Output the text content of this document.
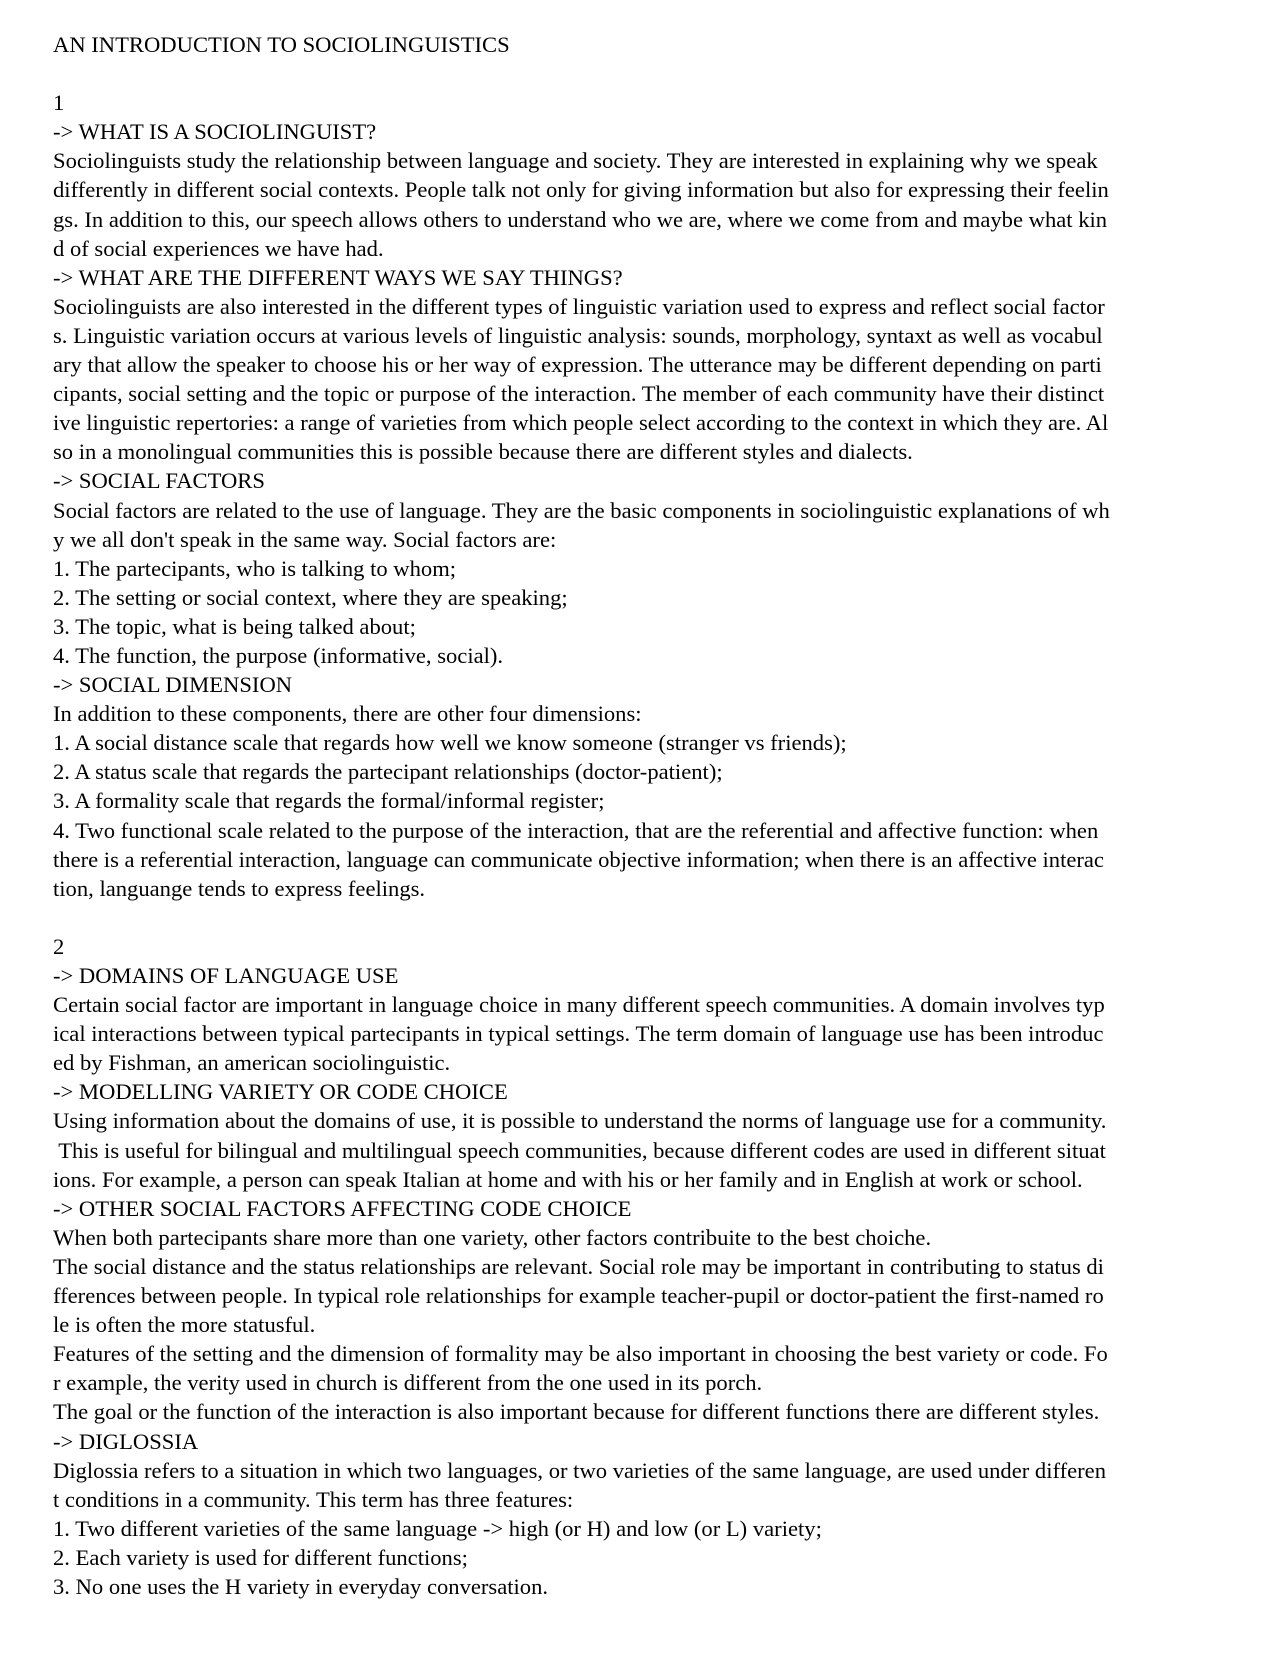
AN INTRODUCTION TO SOCIOLINGUISTICS
1
-> WHAT IS A SOCIOLINGUIST?
Sociolinguists study the relationship between language and society. They are interested in explaining why we speak
differently in different social contexts. People talk not only for giving information but also for expressing their feelin
gs. In addition to this, our speech allows others to understand who we are, where we come from and maybe what kin
d of social experiences we have had.
-> WHAT ARE THE DIFFERENT WAYS WE SAY THINGS?
Sociolinguists are also interested in the different types of linguistic variation used to express and reflect social factor
s. Linguistic variation occurs at various levels of linguistic analysis: sounds, morphology, syntaxt as well as vocabul
ary that allow the speaker to choose his or her way of expression. The utterance may be different depending on parti
cipants, social setting and the topic or purpose of the interaction. The member of each community have their distinct
ive linguistic repertories: a range of varieties from which people select according to the context in which they are. Al
so in a monolingual communities this is possible because there are different styles and dialects.
-> SOCIAL FACTORS
Social factors are related to the use of language. They are the basic components in sociolinguistic explanations of wh
y we all don't speak in the same way. Social factors are:
1. The partecipants, who is talking to whom;
2. The setting or social context, where they are speaking;
3. The topic, what is being talked about;
4. The function, the purpose (informative, social).
-> SOCIAL DIMENSION
In addition to these components, there are other four dimensions:
1. A social distance scale that regards how well we know someone (stranger vs friends);
2. A status scale that regards the partecipant relationships (doctor-patient);
3. A formality scale that regards the formal/informal register;
4. Two functional scale related to the purpose of the interaction, that are the referential and affective function: when
there is a referential interaction, language can communicate objective information; when there is an affective interac
tion, languange tends to express feelings.
2
-> DOMAINS OF LANGUAGE USE
Certain social factor are important in language choice in many different speech communities. A domain involves typ
ical interactions between typical partecipants in typical settings. The term domain of language use has been introduc
ed by Fishman, an american sociolinguistic.
-> MODELLING VARIETY OR CODE CHOICE
Using information about the domains of use, it is possible to understand the norms of language use for a community.
This is useful for bilingual and multilingual speech communities, because different codes are used in different situat
ions. For example, a person can speak Italian at home and with his or her family and in English at work or school.
-> OTHER SOCIAL FACTORS AFFECTING CODE CHOICE
When both partecipants share more than one variety, other factors contribuite to the best choiche.
The social distance and the status relationships are relevant. Social role may be important in contributing to status di
fferences between people. In typical role relationships for example teacher-pupil or doctor-patient the first-named ro
le is often the more statusful.
Features of the setting and the dimension of formality may be also important in choosing the best variety or code. Fo
r example, the verity used in church is different from the one used in its porch.
The goal or the function of the interaction is also important because for different functions there are different styles.
-> DIGLOSSIA
Diglossia refers to a situation in which two languages, or two varieties of the same language, are used under differen
t conditions in a community. This term has three features:
1. Two different varieties of the same language -> high (or H) and low (or L) variety;
2. Each variety is used for different functions;
3. No one uses the H variety in everyday conversation.
